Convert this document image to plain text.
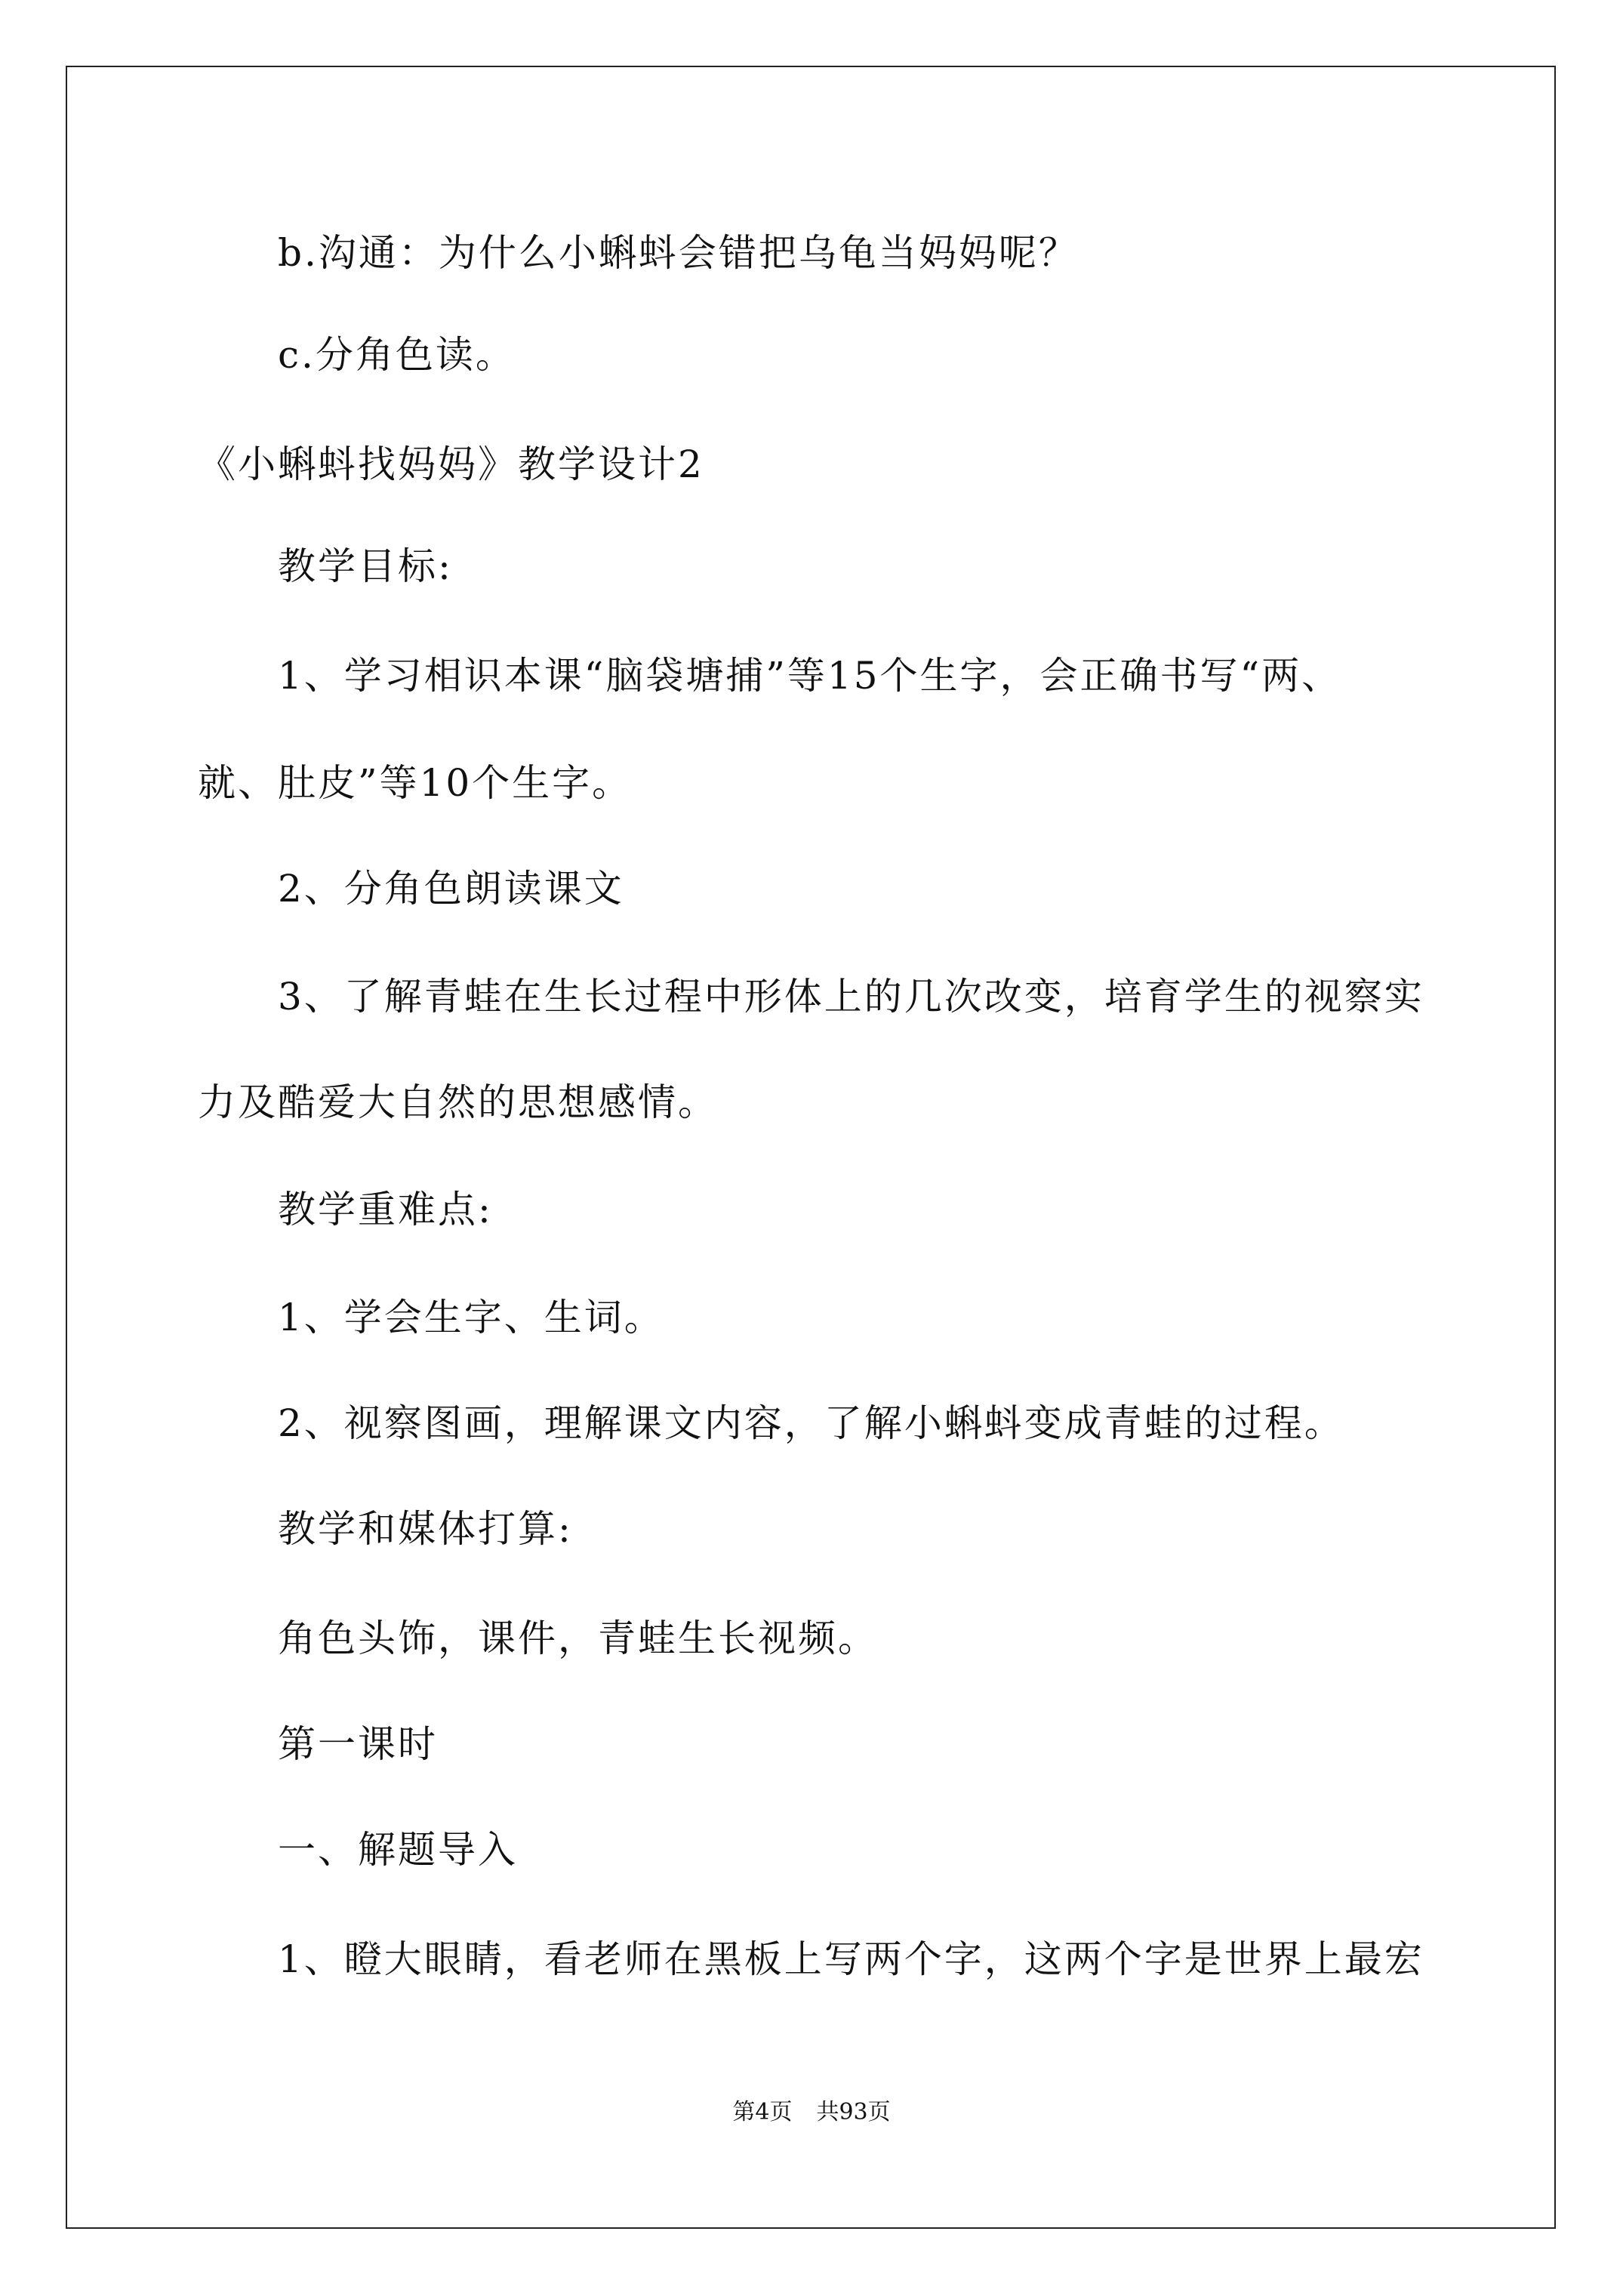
b.沟通：为什么小蝌蚪会错把乌龟当妈妈呢？
c.分角色读。
《小蝌蚪找妈妈》教学设计2
教学目标:
1、学习相识本课“脑袋塘捕”等15个生字，会正确书写“两、
就、肚皮”等10个生字。
2、分角色朗读课文
3、了解青蛙在生长过程中形体上的几次改变，培育学生的视察实
力及酷爱大自然的思想感情。
教学重难点:
1、学会生字、生词。
2、视察图画，理解课文内容，了解小蝌蚪变成青蛙的过程。
教学和媒体打算:
角色头饰，课件，青蛙生长视频。
第一课时
一、解题导入
1、瞪大眼睛，看老师在黑板上写两个字，这两个字是世界上最宏
第4页 共93页
